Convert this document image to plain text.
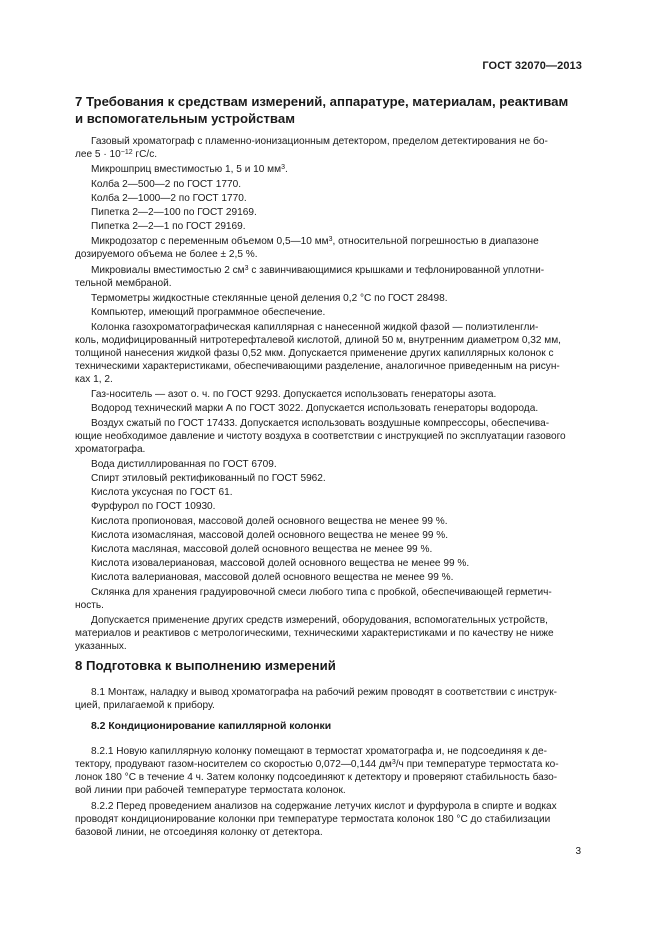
ГОСТ 32070—2013
7 Требования к средствам измерений, аппаратуре, материалам, реактивам
и вспомогательным устройствам
Газовый хроматограф с пламенно-ионизационным детектором, пределом детектирования не бо-
лее $5 \cdot 10^{-12}$ гС/с.
Микрошприц вместимостью 1, 5 и 10 $мм^3$.
Колба 2—500—2 по ГОСТ 1770.
Колба 2—1000—2 по ГОСТ 1770.
Пипетка 2—2—100 по ГОСТ 29169.
Пипетка 2—2—1 по ГОСТ 29169.
Микродозатор с переменным объемом 0,5—10 $мм^3$, относительной погрешностью в диапазоне
дозируемого объема не более ± 2,5 %.
Микровиалы вместимостью 2 $см^3$ с завинчивающимися крышками и тефлонированной уплотни-
тельной мембраной.
Термометры жидкостные стеклянные ценой деления 0,2 °С по ГОСТ 28498.
Компьютер, имеющий программное обеспечение.
Колонка газохроматографическая капиллярная с нанесенной жидкой фазой — полиэтиленгли-
коль, модифицированный нитротерефталевой кислотой, длиной 50 м, внутренним диаметром 0,32 мм,
толщиной нанесения жидкой фазы 0,52 мкм. Допускается применение других капиллярных колонок с
техническими характеристиками, обеспечивающими разделение, аналогичное приведенным на рисун-
ках 1, 2.
Газ-носитель — азот о. ч. по ГОСТ 9293. Допускается использовать генераторы азота.
Водород технический марки А по ГОСТ 3022. Допускается использовать генераторы водорода.
Воздух сжатый по ГОСТ 17433. Допускается использовать воздушные компрессоры, обеспечива-
ющие необходимое давление и чистоту воздуха в соответствии с инструкцией по эксплуатации газового
хроматографа.
Вода дистиллированная по ГОСТ 6709.
Спирт этиловый ректификованный по ГОСТ 5962.
Кислота уксусная по ГОСТ 61.
Фурфурол по ГОСТ 10930.
Кислота пропионовая, массовой долей основного вещества не менее 99 %.
Кислота изомасляная, массовой долей основного вещества не менее 99 %.
Кислота масляная, массовой долей основного вещества не менее 99 %.
Кислота изовалериановая, массовой долей основного вещества не менее 99 %.
Кислота валериановая, массовой долей основного вещества не менее 99 %.
Склянка для хранения градуировочной смеси любого типа с пробкой, обеспечивающей герметич-
ность.
Допускается применение других средств измерений, оборудования, вспомогательных устройств,
материалов и реактивов с метрологическими, техническими характеристиками и по качеству не ниже
указанных.
8 Подготовка к выполнению измерений
8.1 Монтаж, наладку и вывод хроматографа на рабочий режим проводят в соответствии с инструк-
цией, прилагаемой к прибору.
8.2 Кондиционирование капиллярной колонки
8.2.1 Новую капиллярную колонку помещают в термостат хроматографа и, не подсоединяя к де-
тектору, продувают газом-носителем со скоростью 0,072—0,144 $дм^3/ч$ при температуре термостата ко-
лонок 180 °С в течение 4 ч. Затем колонку подсоединяют к детектору и проверяют стабильность базо-
вой линии при рабочей температуре термостата колонок.
8.2.2 Перед проведением анализов на содержание летучих кислот и фурфурола в спирте и водках
проводят кондиционирование колонки при температуре термостата колонок 180 °С до стабилизации
базовой линии, не отсоединяя колонку от детектора.
3
